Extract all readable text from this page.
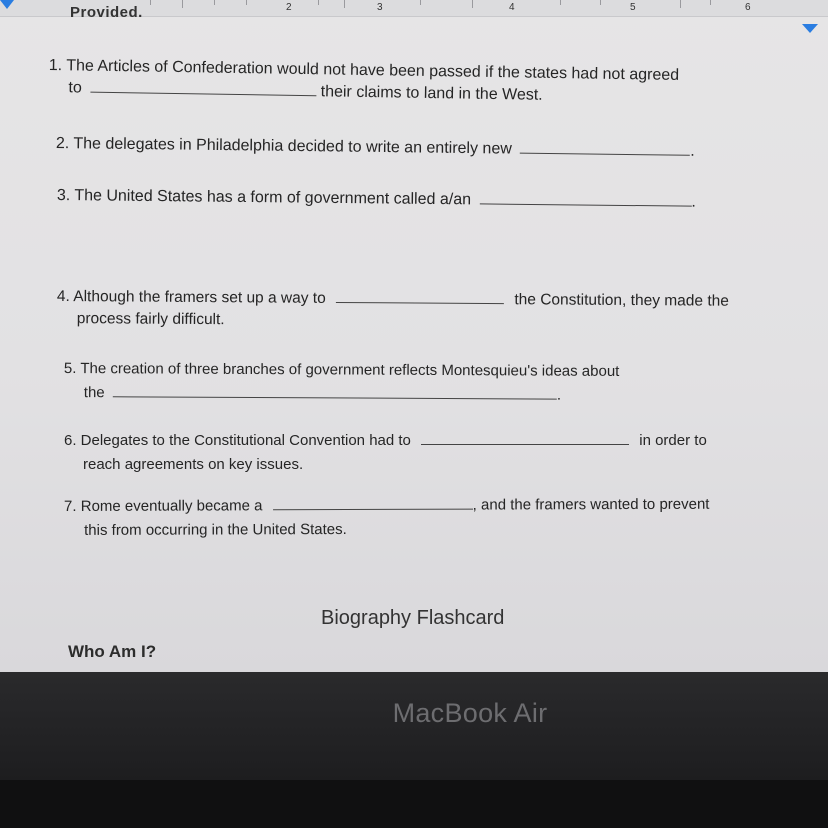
2	3	4	5	6
Provided.
1. The Articles of Confederation would not have been passed if the states had not agreed
to	their claims to land in the West.
2. The delegates in Philadelphia decided to write an entirely new	.
3. The United States has a form of government called a/an	.
4. Although the framers set up a way to	the Constitution, they made the
process fairly difficult.
5. The creation of three branches of government reflects Montesquieu's ideas about
the	.
6. Delegates to the Constitutional Convention had to	in order to
reach agreements on key issues.
7. Rome eventually became a	, and the framers wanted to prevent
this from occurring in the United States.
Biography Flashcard
Who Am I?
MacBook Air
